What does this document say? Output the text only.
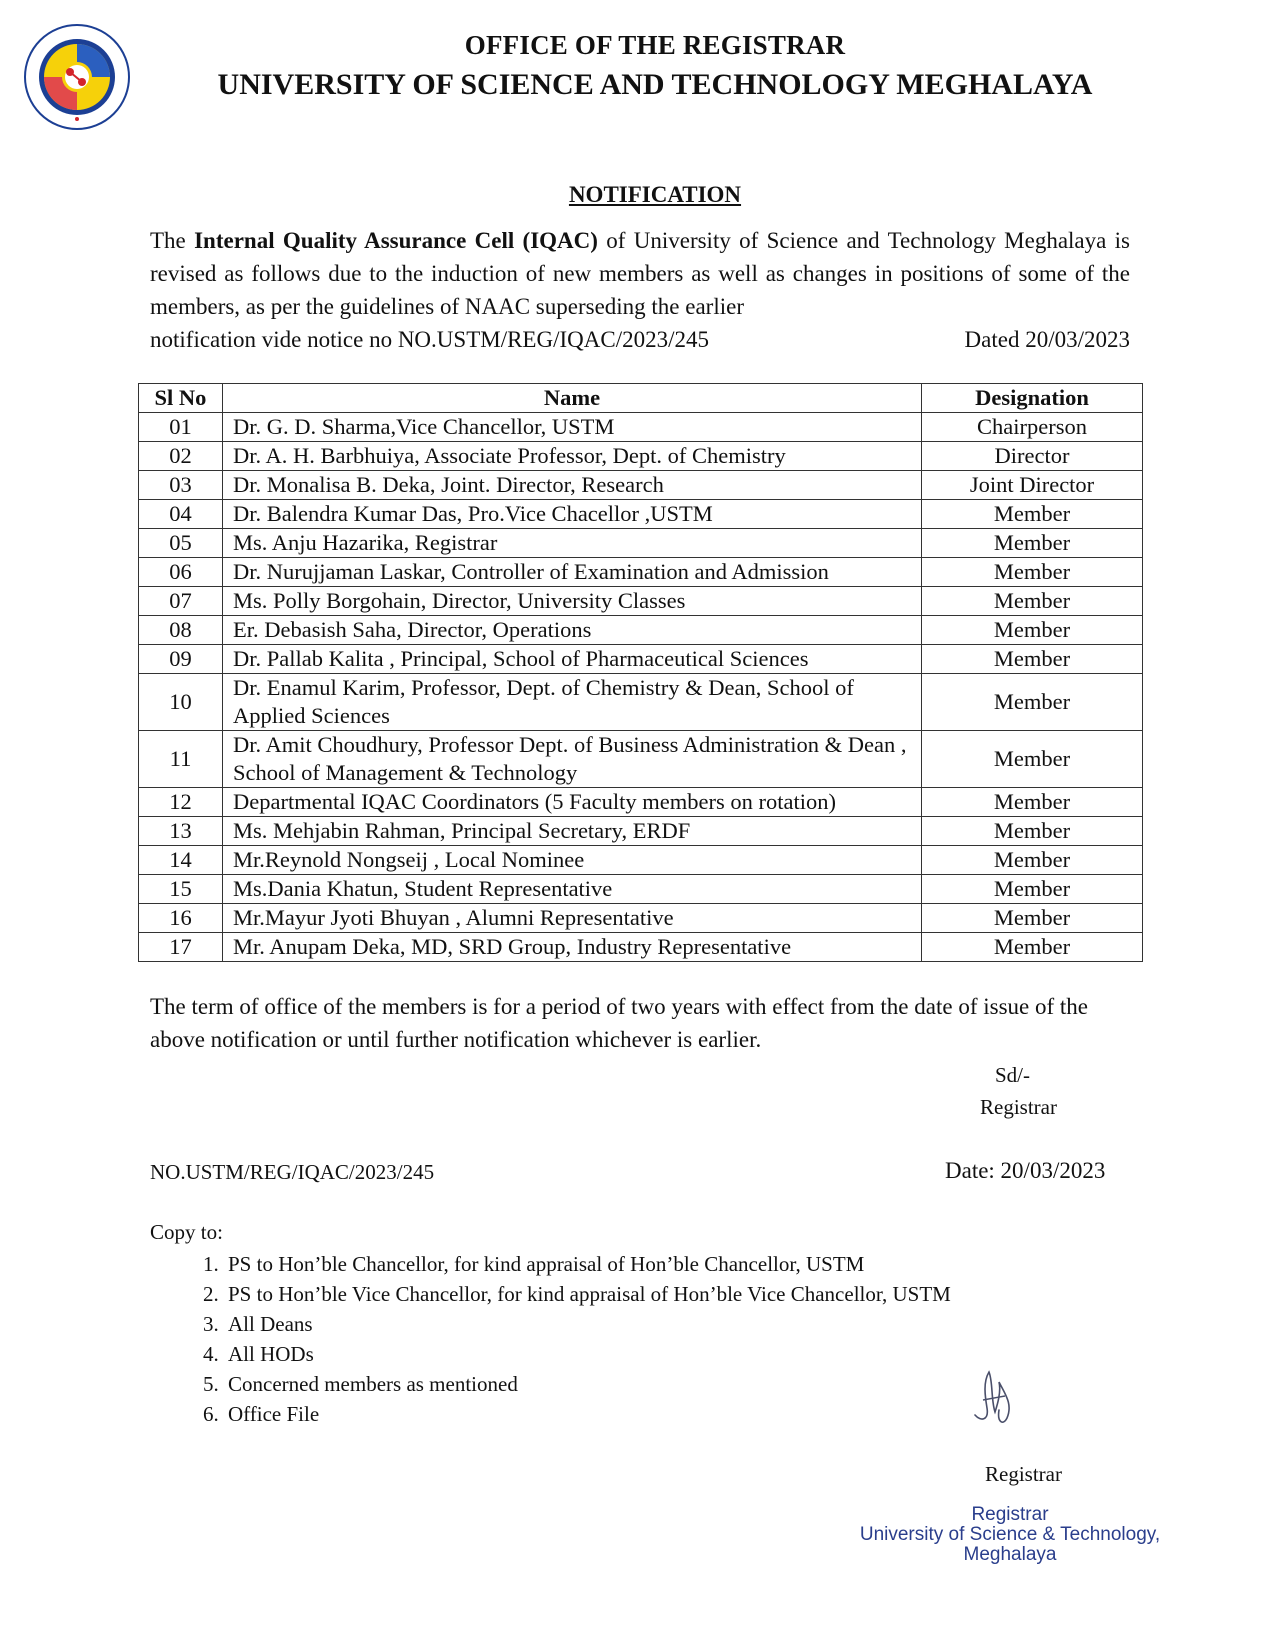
OFFICE OF THE REGISTRAR
UNIVERSITY OF SCIENCE AND TECHNOLOGY MEGHALAYA
NOTIFICATION
The Internal Quality Assurance Cell (IQAC) of University of Science and Technology Meghalaya is revised as follows due to the induction of new members as well as changes in positions of some of the members, as per the guidelines of NAAC superseding the earlier
notification vide notice no NO.USTM/REG/IQAC/2023/245	Dated 20/03/2023
Sl No	Name	Designation
01	Dr. G. D. Sharma,Vice Chancellor, USTM	Chairperson
02	Dr. A. H. Barbhuiya, Associate Professor, Dept. of Chemistry	Director
03	Dr. Monalisa B. Deka, Joint. Director, Research	Joint Director
04	Dr. Balendra Kumar Das, Pro.Vice Chacellor ,USTM	Member
05	Ms. Anju Hazarika, Registrar	Member
06	Dr. Nurujjaman Laskar, Controller of Examination and Admission	Member
07	Ms. Polly Borgohain, Director, University Classes	Member
08	Er. Debasish Saha, Director, Operations	Member
09	Dr. Pallab Kalita , Principal, School of Pharmaceutical Sciences	Member
10	Dr. Enamul Karim, Professor, Dept. of Chemistry & Dean, School of Applied Sciences	Member
11	Dr. Amit Choudhury, Professor Dept. of Business Administration & Dean , School of Management & Technology	Member
12	Departmental IQAC Coordinators (5 Faculty members on rotation)	Member
13	Ms. Mehjabin Rahman, Principal Secretary, ERDF	Member
14	Mr.Reynold Nongseij , Local Nominee	Member
15	Ms.Dania Khatun, Student Representative	Member
16	Mr.Mayur Jyoti Bhuyan , Alumni Representative	Member
17	Mr. Anupam Deka, MD, SRD Group, Industry Representative	Member
The term of office of the members is for a period of two years with effect from the date of issue of the above notification or until further notification whichever is earlier.
Sd/-
Registrar
NO.USTM/REG/IQAC/2023/245	Date: 20/03/2023
Copy to:
1. PS to Hon’ble Chancellor, for kind appraisal of Hon’ble Chancellor, USTM
2. PS to Hon’ble Vice Chancellor, for kind appraisal of Hon’ble Vice Chancellor, USTM
3. All Deans
4. All HODs
5. Concerned members as mentioned
6. Office File
Registrar
Registrar
University of Science & Technology,
Meghalaya
